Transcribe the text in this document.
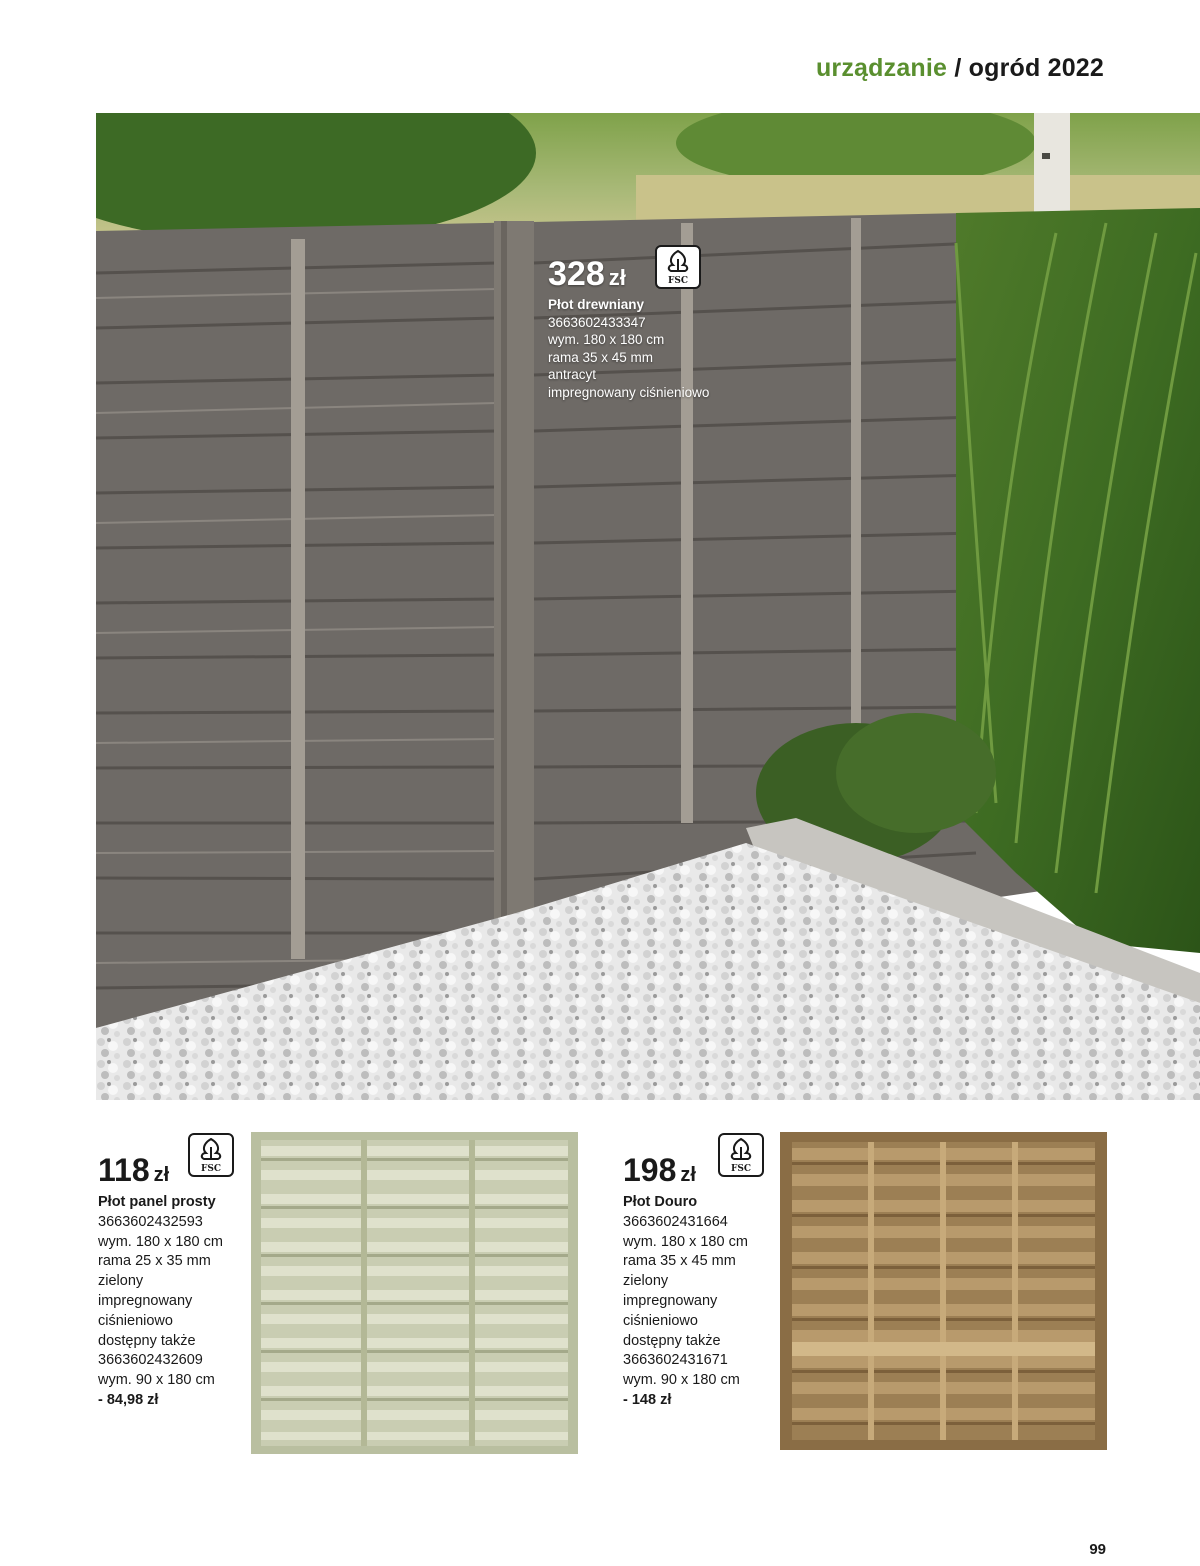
urządzanie / ogród 2022
FSC
328 zł
Płot drewniany
3663602433347
wym. 180 x 180 cm
rama 35 x 45 mm
antracyt
impregnowany ciśnieniowo
118 zł
Płot panel prosty
3663602432593
wym. 180 x 180 cm
rama 25 x 35 mm
zielony
impregnowany
ciśnieniowo
dostępny także
3663602432609
wym. 90 x 180 cm
- 84,98 zł
FSC	198 zł
Płot Douro
3663602431664
wym. 180 x 180 cm
rama 35 x 45 mm
zielony
impregnowany
ciśnieniowo
dostępny także
3663602431671
wym. 90 x 180 cm
- 148 zł
FSC
99
